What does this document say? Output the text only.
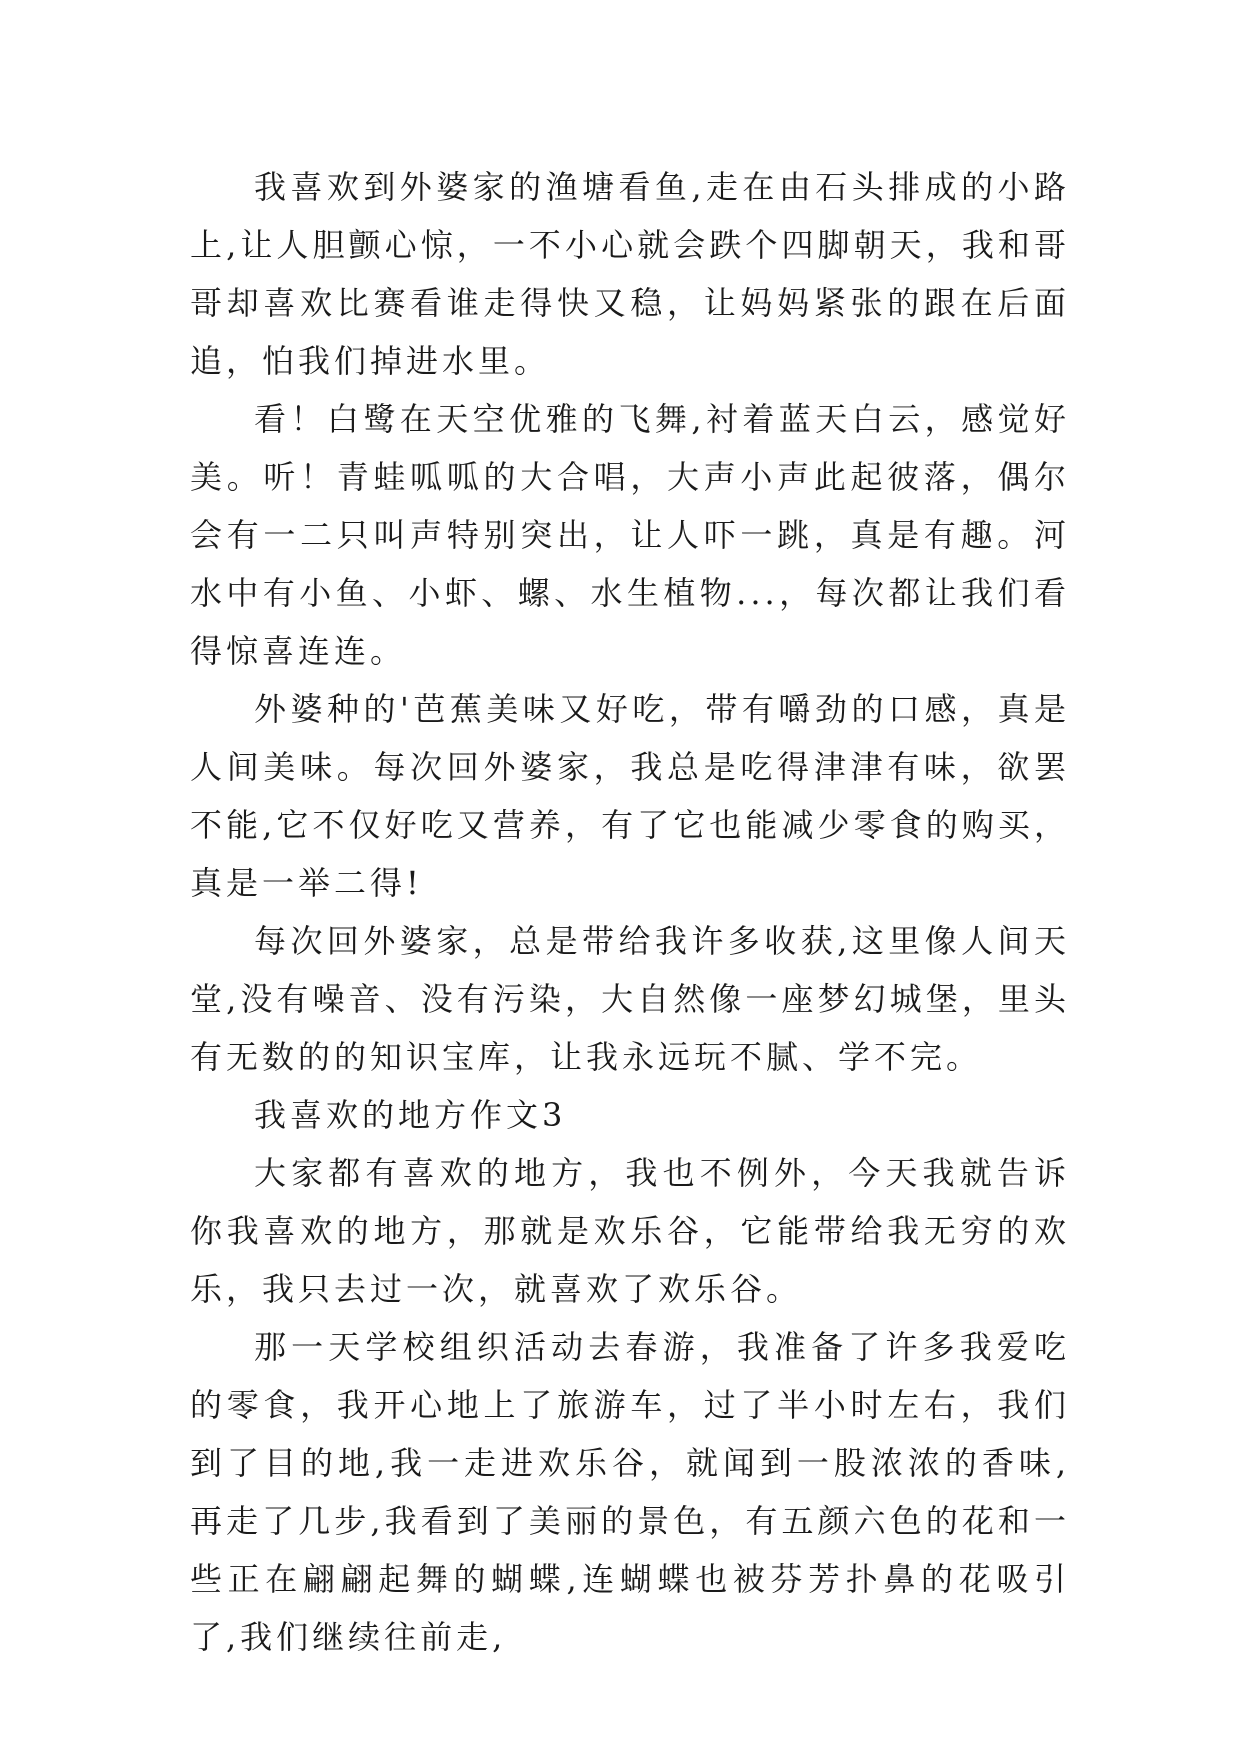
我喜欢到外婆家的渔塘看鱼,走在由石头排成的小路上,让人胆颤心惊，一不小心就会跌个四脚朝天，我和哥哥却喜欢比赛看谁走得快又稳，让妈妈紧张的跟在后面追，怕我们掉进水里。

看！白鹭在天空优雅的飞舞,衬着蓝天白云，感觉好美。听！青蛙呱呱的大合唱，大声小声此起彼落，偶尔会有一二只叫声特别突出，让人吓一跳，真是有趣。河水中有小鱼、小虾、螺、水生植物...，每次都让我们看得惊喜连连。

外婆种的'芭蕉美味又好吃，带有嚼劲的口感，真是人间美味。每次回外婆家，我总是吃得津津有味，欲罢不能,它不仅好吃又营养，有了它也能减少零食的购买，真是一举二得!

每次回外婆家，总是带给我许多收获,这里像人间天堂,没有噪音、没有污染，大自然像一座梦幻城堡，里头有无数的的知识宝库，让我永远玩不腻、学不完。

我喜欢的地方作文3

大家都有喜欢的地方，我也不例外，今天我就告诉你我喜欢的地方，那就是欢乐谷，它能带给我无穷的欢乐，我只去过一次，就喜欢了欢乐谷。

那一天学校组织活动去春游，我准备了许多我爱吃的零食，我开心地上了旅游车，过了半小时左右，我们到了目的地,我一走进欢乐谷，就闻到一股浓浓的香味,再走了几步,我看到了美丽的景色，有五颜六色的花和一些正在翩翩起舞的蝴蝶,连蝴蝶也被芬芳扑鼻的花吸引了,我们继续往前走,
